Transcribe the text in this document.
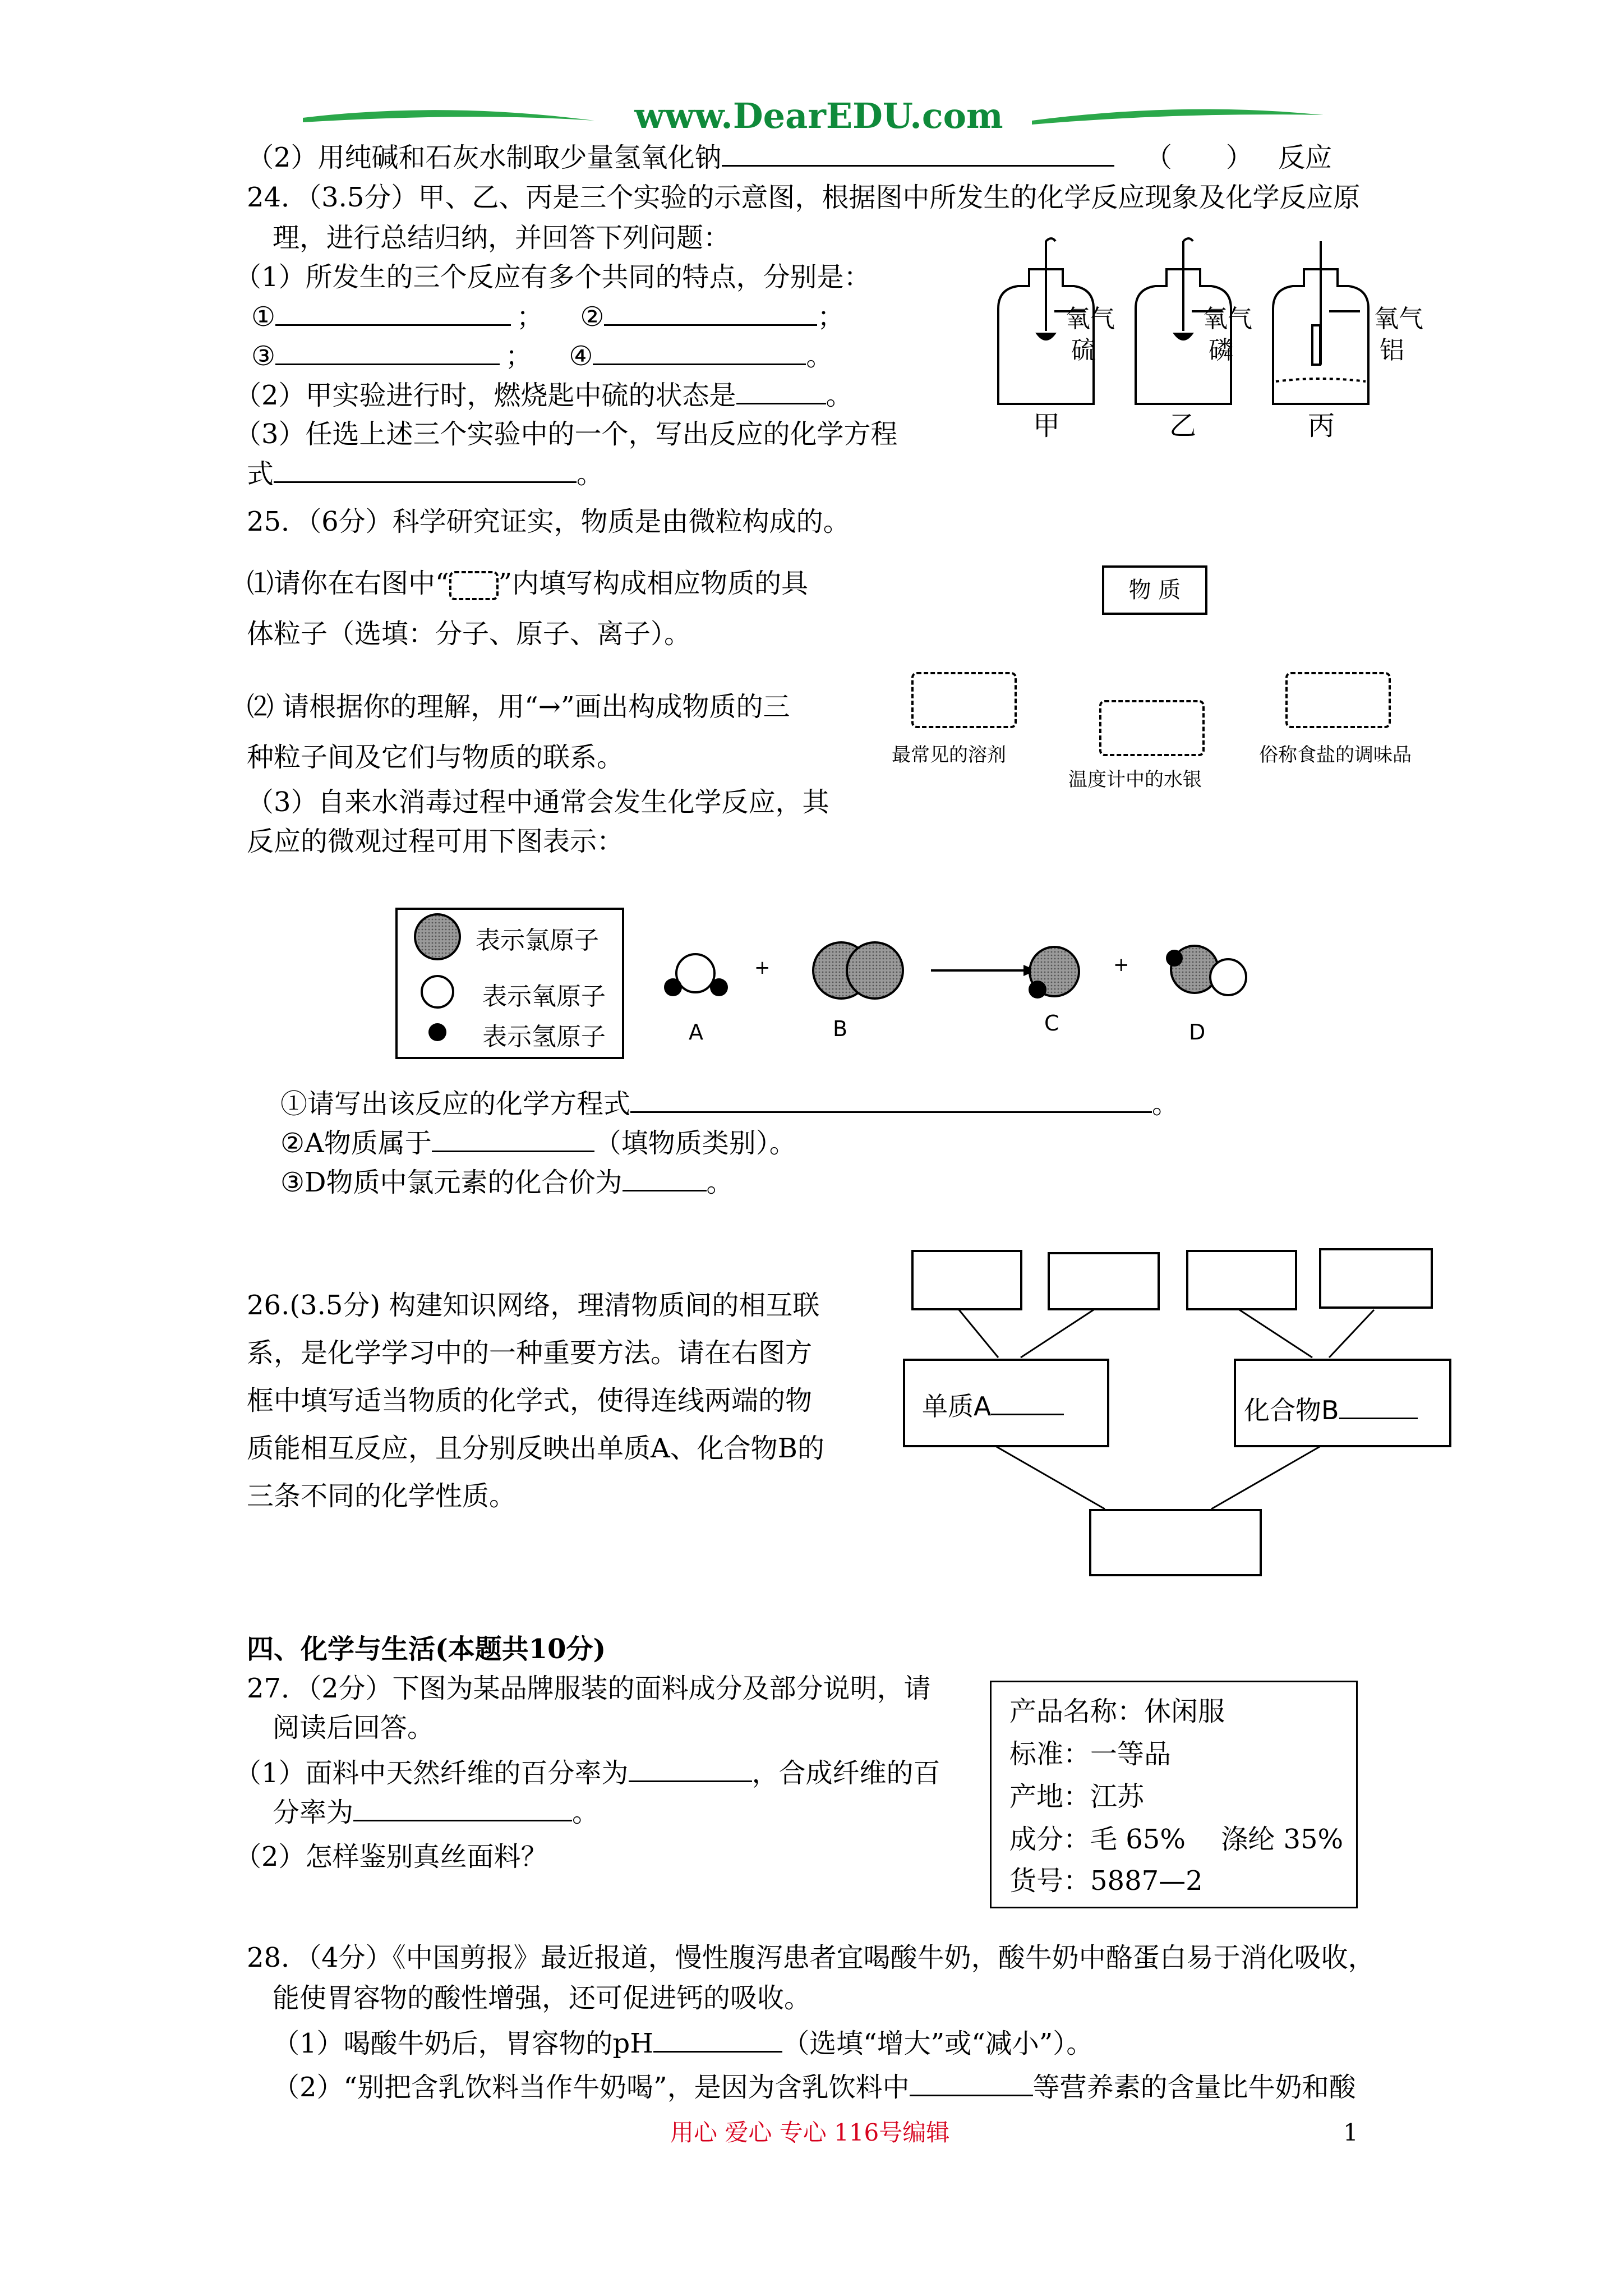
www.DearEDU.com
（2）用纯碱和石灰水制取少量氢氧化钠	（　　） 反应
24．（3.5分）甲、乙、丙是三个实验的示意图，根据图中所发生的化学反应现象及化学反应原
理，进行总结归纳，并回答下列问题：
（1）所发生的三个反应有多个共同的特点，分别是：
①	； ②	；
③	； ④	。
（2）甲实验进行时，燃烧匙中硫的状态是	。
（3）任选上述三个实验中的一个，写出反应的化学方程
式	。
氧气
硫
甲
氧气
磷
乙
氧气
铝
丙
25．（6分）科学研究证实，物质是由微粒构成的。
⑴请你在右图中“ ”内填写构成相应物质的具
体粒子（选填：分子、原子、离子）。
⑵ 请根据你的理解，用“→”画出构成物质的三
种粒子间及它们与物质的联系。
（3）自来水消毒过程中通常会发生化学反应，其
反应的微观过程可用下图表示：
物 质
最常见的溶剂
温度计中的水银
俗称食盐的调味品
表示氯原子
表示氧原子
表示氢原子
+	+
A	B	C	D
①请写出该反应的化学方程式	。
②A物质属于	（填物质类别）。
③D物质中氯元素的化合价为	。
26.(3.5分) 构建知识网络，理清物质间的相互联
系，是化学学习中的一种重要方法。请在右图方
框中填写适当物质的化学式，使得连线两端的物
质能相互反应，且分别反映出单质A、化合物B的
三条不同的化学性质。
单质A	化合物B
四、化学与生活(本题共10分)
27．（2分）下图为某品牌服装的面料成分及部分说明，请
阅读后回答。
（1）面料中天然纤维的百分率为	，合成纤维的百
分率为	。
（2）怎样鉴别真丝面料？
产品名称：休闲服
标准：一等品
产地：江苏
成分：毛 65%　 涤纶 35%
货号：5887—2
28．（4分）《中国剪报》最近报道，慢性腹泻患者宜喝酸牛奶，酸牛奶中酪蛋白易于消化吸收，
能使胃容物的酸性增强，还可促进钙的吸收。
（1）喝酸牛奶后，胃容物的pH	（选填“增大”或“减小”）。
（2）“别把含乳饮料当作牛奶喝”，是因为含乳饮料中	等营养素的含量比牛奶和酸
用心 爱心 专心 116号编辑	1
